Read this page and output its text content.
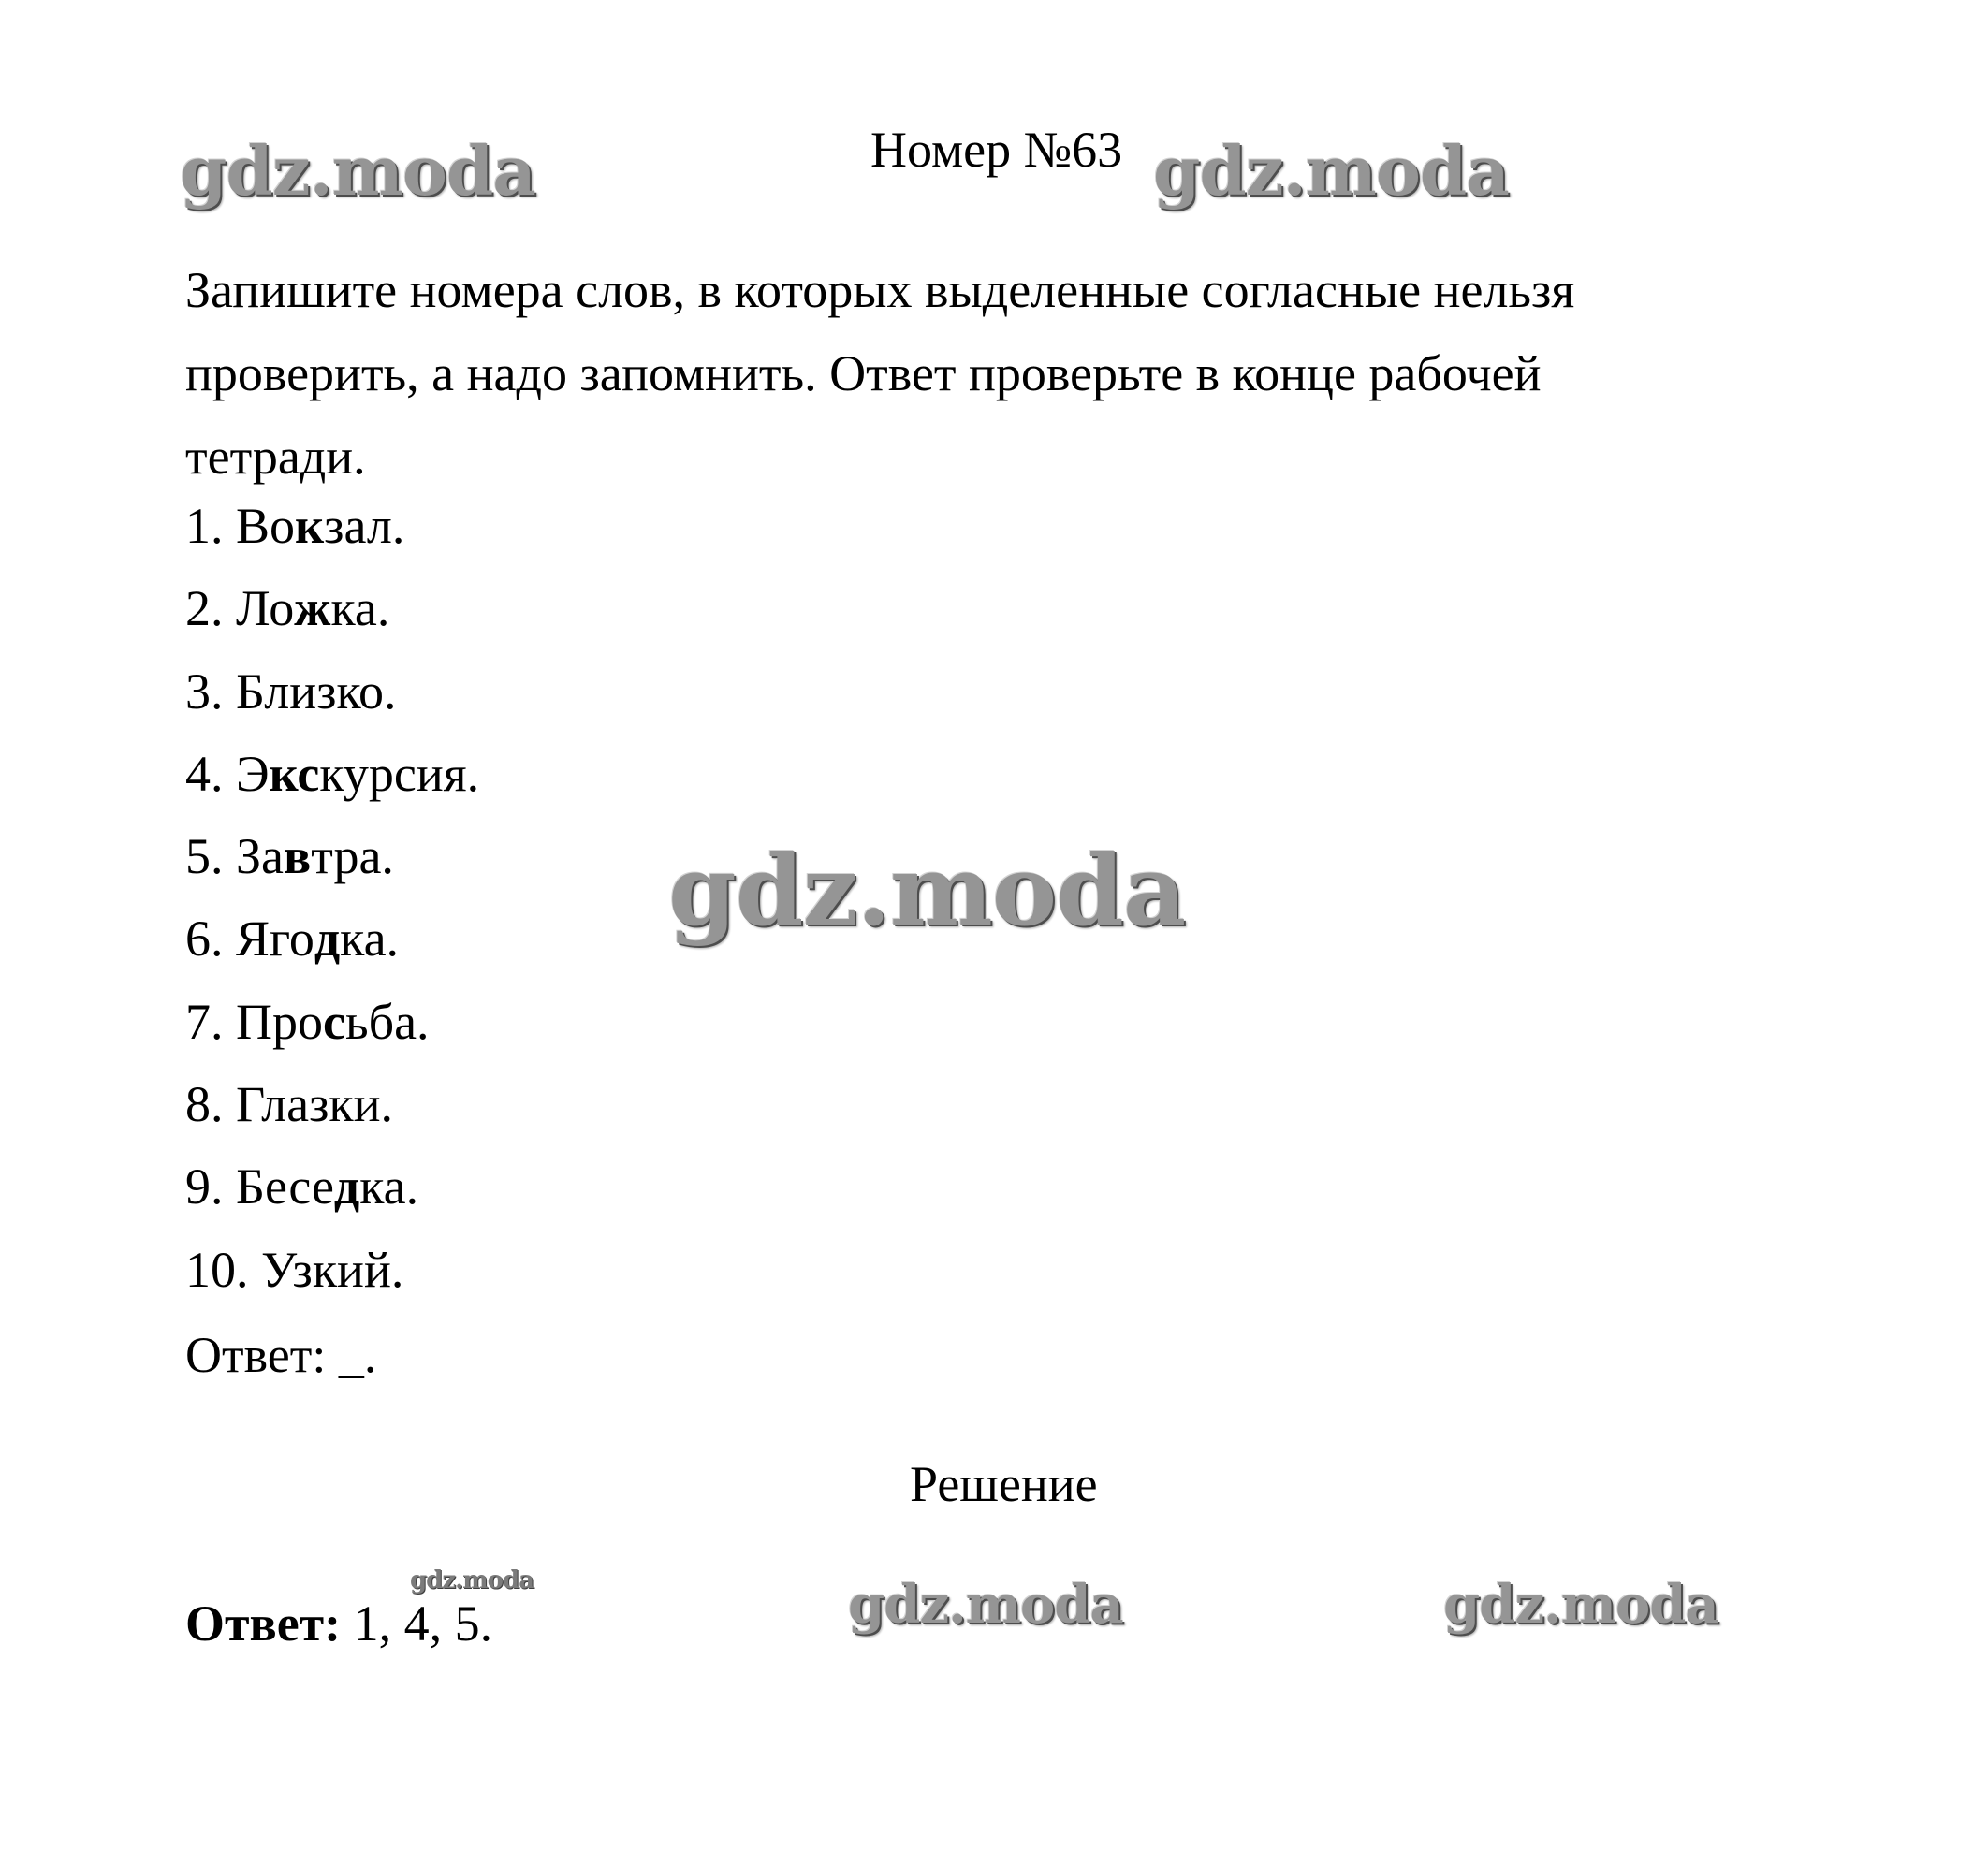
Номер №63

Запишите номера слов, в которых выделенные согласные нельзя

проверить, а надо запомнить. Ответ проверьте в конце рабочей

тетради.

1. Вокзал.
2. Ложка.
3. Близко.
4. Экскурсия.
5. Завтра.
6. Ягодка.
7. Просьба.
8. Глазки.
9. Беседка.
10. Узкий.
Ответ: _.
Решение
Ответ: 1, 4, 5.
gdz.moda	gdz.moda
gdz.moda
gdz.moda	gdz.moda	gdz.moda
